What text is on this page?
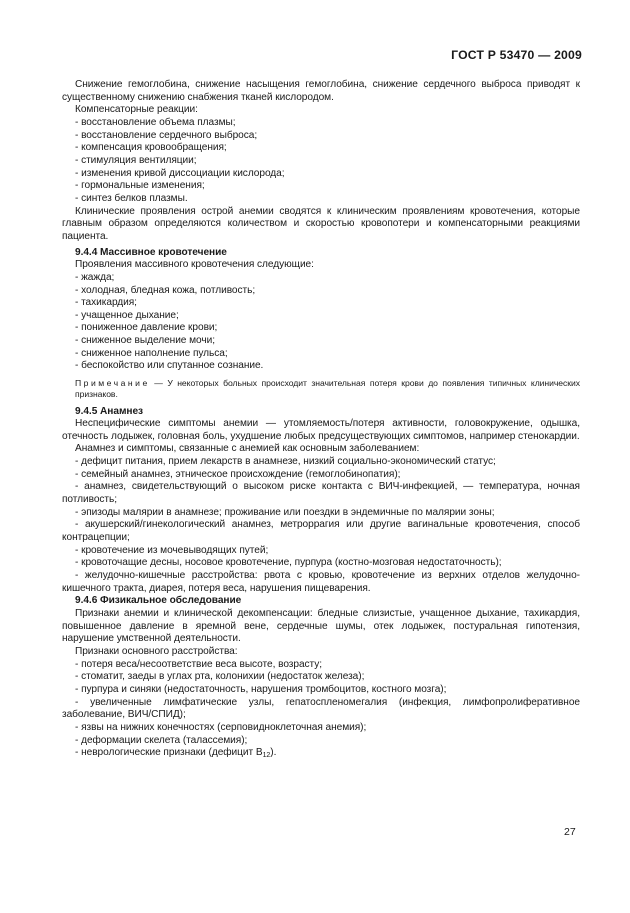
ГОСТ Р 53470 — 2009

Снижение гемоглобина, снижение насыщения гемоглобина, снижение сердечного выброса приводят к существенному снижению снабжения тканей кислородом.

Компенсаторные реакции:

- восстановление объема плазмы;

- восстановление сердечного выброса;

- компенсация кровообращения;

- стимуляция вентиляции;

- изменения кривой диссоциации кислорода;

- гормональные изменения;

- синтез белков плазмы.

Клинические проявления острой анемии сводятся к клиническим проявлениям кровотечения, которые главным образом определяются количеством и скоростью кровопотери и компенсаторными реакциями пациента.

9.4.4 Массивное кровотечение

Проявления массивного кровотечения следующие:

- жажда;

- холодная, бледная кожа, потливость;

- тахикардия;

- учащенное дыхание;

- пониженное давление крови;

- сниженное выделение мочи;

- сниженное наполнение пульса;

- беспокойство или спутанное сознание.

Примечание — У некоторых больных происходит значительная потеря крови до появления типичных клинических признаков.

9.4.5 Анамнез

Неспецифические симптомы анемии — утомляемость/потеря активности, головокружение, одышка, отечность лодыжек, головная боль, ухудшение любых предсуществующих симптомов, например стенокардии.

Анамнез и симптомы, связанные с анемией как основным заболеванием:

- дефицит питания, прием лекарств в анамнезе, низкий социально-экономический статус;

- семейный анамнез, этническое происхождение (гемоглобинопатия);

- анамнез, свидетельствующий о высоком риске контакта с ВИЧ-инфекцией, — температура, ночная потливость;

- эпизоды малярии в анамнезе; проживание или поездки в эндемичные по малярии зоны;

- акушерский/гинекологический анамнез, метроррагия или другие вагинальные кровотечения, способ контрацепции;

- кровотечение из мочевыводящих путей;

- кровоточащие десны, носовое кровотечение, пурпура (костно-мозговая недостаточность);

- желудочно-кишечные расстройства: рвота с кровью, кровотечение из верхних отделов желудочно-кишечного тракта, диарея, потеря веса, нарушения пищеварения.

9.4.6 Физикальное обследование

Признаки анемии и клинической декомпенсации: бледные слизистые, учащенное дыхание, тахикардия, повышенное давление в яремной вене, сердечные шумы, отек лодыжек, постуральная гипотензия, нарушение умственной деятельности.

Признаки основного расстройства:

- потеря веса/несоответствие веса высоте, возрасту;

- стоматит, заеды в углах рта, колонихии (недостаток железа);

- пурпура и синяки (недостаточность, нарушения тромбоцитов, костного мозга);

- увеличенные лимфатические узлы, гепатоспленомегалия (инфекция, лимфопролиферативное заболевание, ВИЧ/СПИД);

- язвы на нижних конечностях (серповидноклеточная анемия);

- деформации скелета (талассемия);

- неврологические признаки (дефицит $В_{12}$).

27
